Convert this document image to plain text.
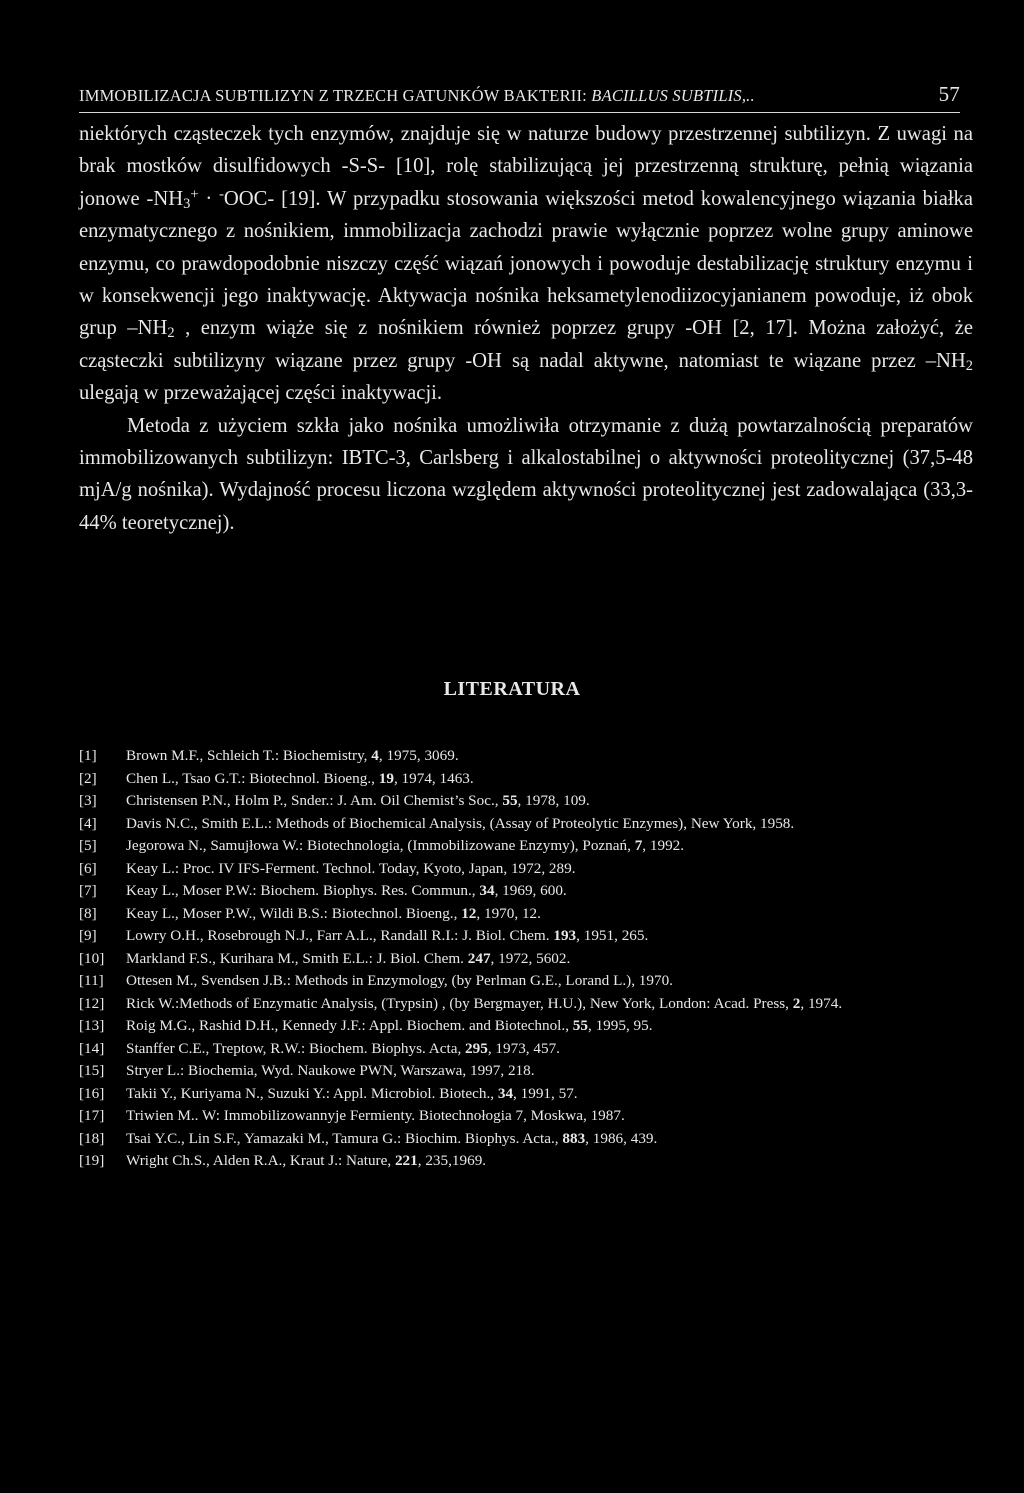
IMMOBILIZACJA SUBTILIZYN Z TRZECH GATUNKÓW BAKTERII: BACILLUS SUBTILIS,..	57

niektórych cząsteczek tych enzymów, znajduje się w naturze budowy przestrzennej subtilizyn. Z uwagi na brak mostków disulfidowych -S-S- [10], rolę stabilizującą jej przestrzenną strukturę, pełnią wiązania jonowe $-NH_3^+ \cdot ^-OOC-$ [19]. W przypadku stosowania większości metod kowalencyjnego wiązania białka enzymatycznego z nośnikiem, immobilizacja zachodzi prawie wyłącznie poprzez wolne grupy aminowe enzymu, co prawdopodobnie niszczy część wiązań jonowych i powoduje destabilizację struktury enzymu i w konsekwencji jego inaktywację. Aktywacja nośnika heksametylenodiizocyjanianem powoduje, iż obok grup $-NH_2$ , enzym wiąże się z nośnikiem również poprzez grupy -OH [2, 17]. Można założyć, że cząsteczki subtilizyny wiązane przez grupy -OH są nadal aktywne, natomiast te wiązane przez $-NH_2$ ulegają w przeważającej części inaktywacji.

Metoda z użyciem szkła jako nośnika umożliwiła otrzymanie z dużą powtarzalnością preparatów immobilizowanych subtilizyn: IBTC-3, Carlsberg i alkalostabilnej o aktywności proteolitycznej (37,5-48 mjA/g nośnika). Wydajność procesu liczona względem aktywności proteolitycznej jest zadowalająca (33,3-44% teoretycznej).

LITERATURA
[1] Brown M.F., Schleich T.: Biochemistry, 4, 1975, 3069.
[2] Chen L., Tsao G.T.: Biotechnol. Bioeng., 19, 1974, 1463.
[3] Christensen P.N., Holm P., Snder.: J. Am. Oil Chemist’s Soc., 55, 1978, 109.
[4] Davis N.C., Smith E.L.: Methods of Biochemical Analysis, (Assay of Proteolytic Enzymes), New York, 1958.
[5] Jegorowa N., Samujłowa W.: Biotechnologia, (Immobilizowane Enzymy), Poznań, 7, 1992.
[6] Keay L.: Proc. IV IFS-Ferment. Technol. Today, Kyoto, Japan, 1972, 289.
[7] Keay L., Moser P.W.: Biochem. Biophys. Res. Commun., 34, 1969, 600.
[8] Keay L., Moser P.W., Wildi B.S.: Biotechnol. Bioeng., 12, 1970, 12.
[9] Lowry O.H., Rosebrough N.J., Farr A.L., Randall R.I.: J. Biol. Chem. 193, 1951, 265.
[10] Markland F.S., Kurihara M., Smith E.L.: J. Biol. Chem. 247, 1972, 5602.
[11] Ottesen M., Svendsen J.B.: Methods in Enzymology, (by Perlman G.E., Lorand L.), 1970.
[12] Rick W.:Methods of Enzymatic Analysis, (Trypsin) , (by Bergmayer, H.U.), New York, London: Acad. Press, 2, 1974.
[13] Roig M.G., Rashid D.H., Kennedy J.F.: Appl. Biochem. and Biotechnol., 55, 1995, 95.
[14] Stanffer C.E., Treptow, R.W.: Biochem. Biophys. Acta, 295, 1973, 457.
[15] Stryer L.: Biochemia, Wyd. Naukowe PWN, Warszawa, 1997, 218.
[16] Takii Y., Kuriyama N., Suzuki Y.: Appl. Microbiol. Biotech., 34, 1991, 57.
[17] Triwien M.. W: Immobilizowannyje Fermienty. Biotechnołogia 7, Moskwa, 1987.
[18] Tsai Y.C., Lin S.F., Yamazaki M., Tamura G.: Biochim. Biophys. Acta., 883, 1986, 439.
[19] Wright Ch.S., Alden R.A., Kraut J.: Nature, 221, 235,1969.
